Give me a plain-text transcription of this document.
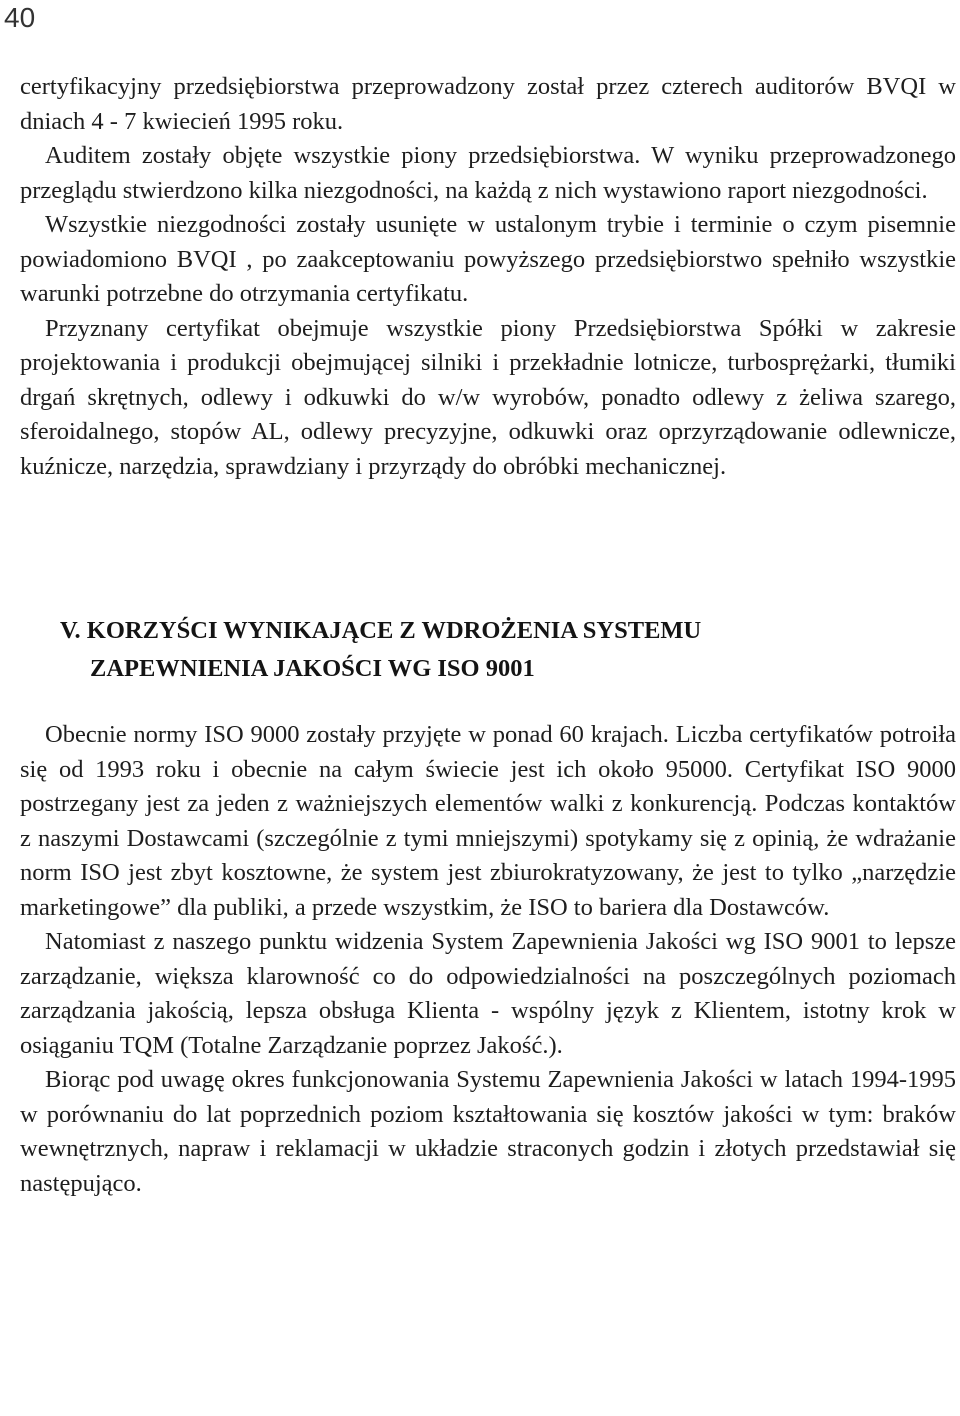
40

certyfikacyjny przedsiębiorstwa przeprowadzony został przez czterech auditorów BVQI w dniach 4 - 7 kwiecień 1995 roku.

Auditem zostały objęte wszystkie piony przedsiębiorstwa. W wyniku przeprowadzonego przeglądu stwierdzono kilka niezgodności, na każdą z nich wystawiono raport niezgodności.

Wszystkie niezgodności zostały usunięte w ustalonym trybie i terminie o czym pisemnie powiadomiono BVQI , po zaakceptowaniu powyższego przedsiębiorstwo spełniło wszystkie warunki potrzebne do otrzymania certyfikatu.

Przyznany certyfikat obejmuje wszystkie piony Przedsiębiorstwa Spółki w zakresie projektowania i produkcji obejmującej silniki i przekładnie lotnicze, turbosprężarki, tłumiki drgań skrętnych, odlewy i odkuwki do w/w wyrobów, ponadto odlewy z żeliwa szarego, sferoidalnego, stopów AL, odlewy precyzyjne, odkuwki oraz oprzyrządowanie odlewnicze, kuźnicze, narzędzia, sprawdziany i przyrządy do obróbki mechanicznej.

V. KORZYŚCI WYNIKAJĄCE Z WDROŻENIA SYSTEMU
ZAPEWNIENIA JAKOŚCI WG ISO 9001

Obecnie normy ISO 9000 zostały przyjęte w ponad 60 krajach. Liczba certyfikatów potroiła się od 1993 roku i obecnie na całym świecie jest ich około 95000. Certyfikat ISO 9000 postrzegany jest za jeden z ważniejszych elementów walki z konkurencją. Podczas kontaktów z naszymi Dostawcami (szczególnie z tymi mniejszymi) spotykamy się z opinią, że wdrażanie norm ISO jest zbyt kosztowne, że system jest zbiurokratyzowany, że jest to tylko „narzędzie marketingowe” dla publiki, a przede wszystkim, że ISO to bariera dla Dostawców.

Natomiast z naszego punktu widzenia System Zapewnienia Jakości wg ISO 9001 to lepsze zarządzanie, większa klarowność co do odpowiedzialności na poszczególnych poziomach zarządzania jakością, lepsza obsługa Klienta - wspólny język z Klientem, istotny krok w osiąganiu TQM (Totalne Zarządzanie poprzez Jakość.).

Biorąc pod uwagę okres funkcjonowania Systemu Zapewnienia Jakości w latach 1994-1995 w porównaniu do lat poprzednich poziom kształtowania się kosztów jakości w tym: braków wewnętrznych, napraw i reklamacji w układzie straconych godzin i złotych przedstawiał się następująco.
